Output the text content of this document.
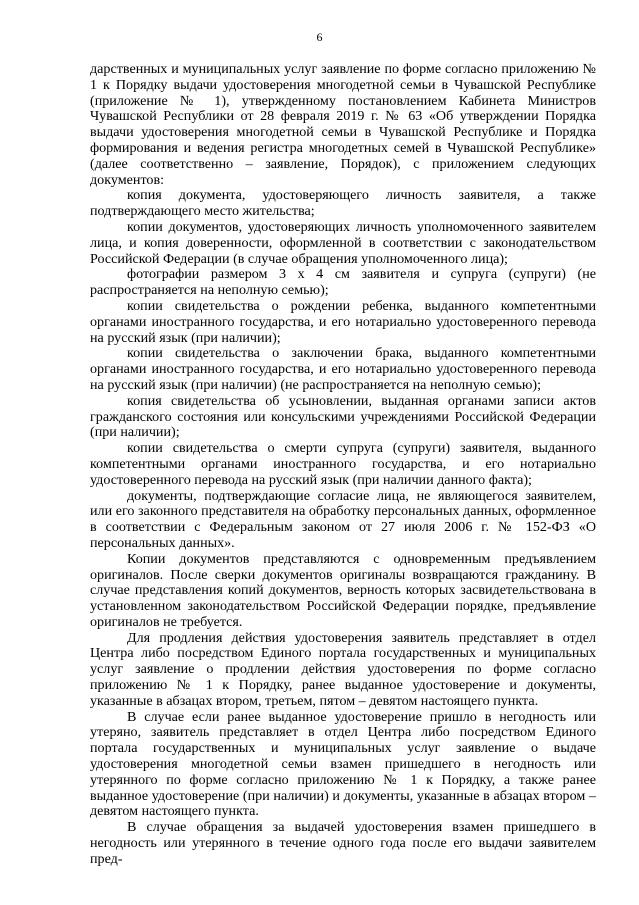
6

дарственных и муниципальных услуг заявление по форме согласно приложению № 1 к Порядку выдачи удостоверения многодетной семьи в Чувашской Республике (приложение № 1), утвержденному постановлением Кабинета Министров Чувашской Республики от 28 февраля 2019 г. № 63 «Об утверждении Порядка выдачи удостоверения многодетной семьи в Чувашской Республике и Порядка формирования и ведения регистра многодетных семей в Чувашской Республике» (далее соответственно – заявление, Порядок), с приложением следующих документов:

копия документа, удостоверяющего личность заявителя, а также подтверждающего место жительства;

копии документов, удостоверяющих личность уполномоченного заявителем лица, и копия доверенности, оформленной в соответствии с законодательством Российской Федерации (в случае обращения уполномоченного лица);

фотографии размером 3 х 4 см заявителя и супруга (супруги) (не распространяется на неполную семью);

копии свидетельства о рождении ребенка, выданного компетентными органами иностранного государства, и его нотариально удостоверенного перевода на русский язык (при наличии);

копии свидетельства о заключении брака, выданного компетентными органами иностранного государства, и его нотариально удостоверенного перевода на русский язык (при наличии) (не распространяется на неполную семью);

копия свидетельства об усыновлении, выданная органами записи актов гражданского состояния или консульскими учреждениями Российской Федерации (при наличии);

копии свидетельства о смерти супруга (супруги) заявителя, выданного компетентными органами иностранного государства, и его нотариально удостоверенного перевода на русский язык (при наличии данного факта);

документы, подтверждающие согласие лица, не являющегося заявителем, или его законного представителя на обработку персональных данных, оформленное в соответствии с Федеральным законом от 27 июля 2006 г. № 152-ФЗ «О персональных данных».

Копии документов представляются с одновременным предъявлением оригиналов. После сверки документов оригиналы возвращаются гражданину. В случае представления копий документов, верность которых засвидетельствована в установленном законодательством Российской Федерации порядке, предъявление оригиналов не требуется.

Для продления действия удостоверения заявитель представляет в отдел Центра либо посредством Единого портала государственных и муниципальных услуг заявление о продлении действия удостоверения по форме согласно приложению № 1 к Порядку, ранее выданное удостоверение и документы, указанные в абзацах втором, третьем, пятом – девятом настоящего пункта.

В случае если ранее выданное удостоверение пришло в негодность или утеряно, заявитель представляет в отдел Центра либо посредством Единого портала государственных и муниципальных услуг заявление о выдаче удостоверения многодетной семьи взамен пришедшего в негодность или утерянного по форме согласно приложению № 1 к Порядку, а также ранее выданное удостоверение (при наличии) и документы, указанные в абзацах втором – девятом настоящего пункта.

В случае обращения за выдачей удостоверения взамен пришедшего в негодность или утерянного в течение одного года после его выдачи заявителем пред-
